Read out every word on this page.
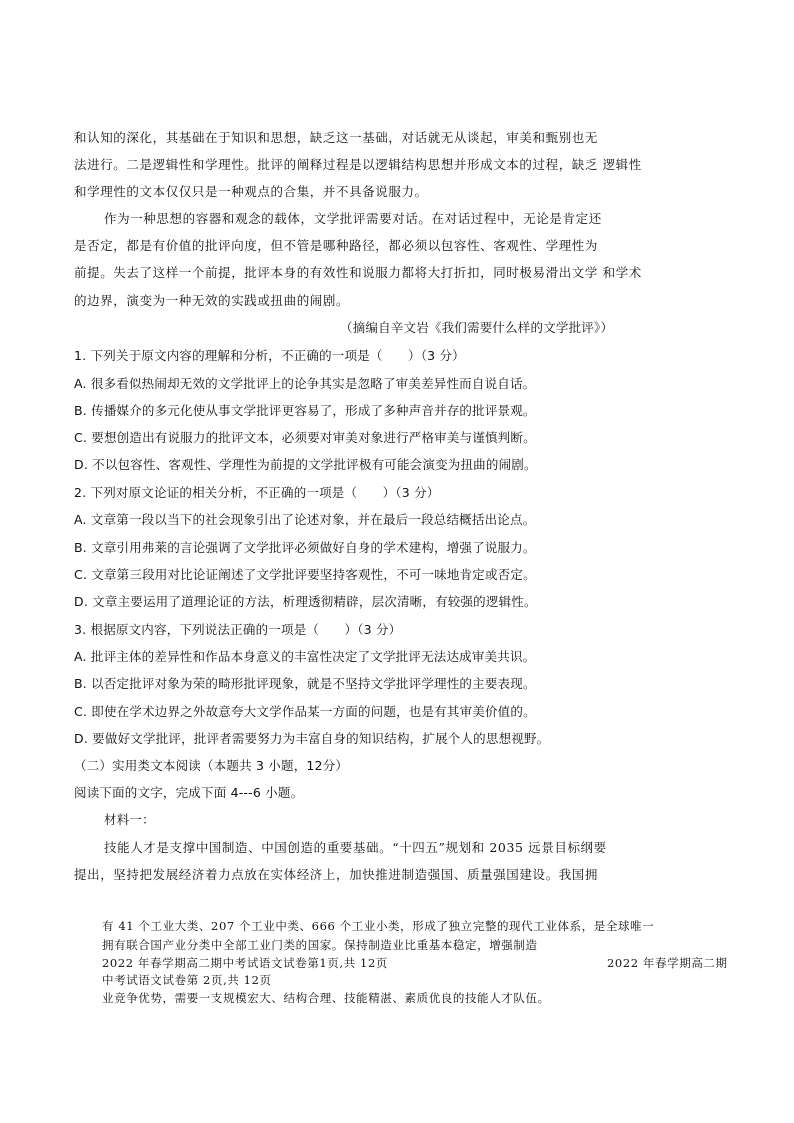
和认知的深化，其基础在于知识和思想，缺乏这一基础，对话就无从谈起，审美和甄别也无
法进行。二是逻辑性和学理性。批评的阐释过程是以逻辑结构思想并形成文本的过程，缺乏 逻辑性
和学理性的文本仅仅只是一种观点的合集，并不具备说服力。
作为一种思想的容器和观念的载体，文学批评需要对话。在对话过程中，无论是肯定还
是否定，都是有价值的批评向度，但不管是哪种路径，都必须以包容性、客观性、学理性为
前提。失去了这样一个前提，批评本身的有效性和说服力都将大打折扣，同时极易滑出文学 和学术
的边界，演变为一种无效的实践或扭曲的闹剧。
（摘编自辛文岩《我们需要什么样的文学批评》）
1. 下列关于原文内容的理解和分析，不正确的一项是（　　）（3 分）
A. 很多看似热闹却无效的文学批评上的论争其实是忽略了审美差异性而自说自话。
B. 传播媒介的多元化使从事文学批评更容易了，形成了多种声音并存的批评景观。
C. 要想创造出有说服力的批评文本，必须要对审美对象进行严格审美与谨慎判断。
D. 不以包容性、客观性、学理性为前提的文学批评极有可能会演变为扭曲的闹剧。
2. 下列对原文论证的相关分析，不正确的一项是（　　）（3 分）
A. 文章第一段以当下的社会现象引出了论述对象，并在最后一段总结概括出论点。
B. 文章引用弗莱的言论强调了文学批评必须做好自身的学术建构，增强了说服力。
C. 文章第三段用对比论证阐述了文学批评要坚持客观性，不可一味地肯定或否定。
D. 文章主要运用了道理论证的方法，析理透彻精辟，层次清晰，有较强的逻辑性。
3. 根据原文内容，下列说法正确的一项是（　　）（3 分）
A. 批评主体的差异性和作品本身意义的丰富性决定了文学批评无法达成审美共识。
B. 以否定批评对象为荣的畸形批评现象，就是不坚持文学批评学理性的主要表现。
C. 即使在学术边界之外故意夸大文学作品某一方面的问题，也是有其审美价值的。
D. 要做好文学批评，批评者需要努力为丰富自身的知识结构，扩展个人的思想视野。
（二）实用类文本阅读（本题共 3 小题，12分）
阅读下面的文字，完成下面 4---6 小题。
材料一：
技能人才是支撑中国制造、中国创造的重要基础。“十四五”规划和 2035 远景目标纲要
提出，坚持把发展经济着力点放在实体经济上，加快推进制造强国、质量强国建设。我国拥
有 41 个工业大类、207 个工业中类、666 个工业小类，形成了独立完整的现代工业体系，是全球唯一
拥有联合国产业分类中全部工业门类的国家。保持制造业比重基本稳定，增强制造
2022 年春学期高二期中考试语文试卷第1页,共 12页	2022 年春学期高二期
中考试语文试卷第 2页,共 12页
业竞争优势，需要一支规模宏大、结构合理、技能精湛、素质优良的技能人才队伍。
